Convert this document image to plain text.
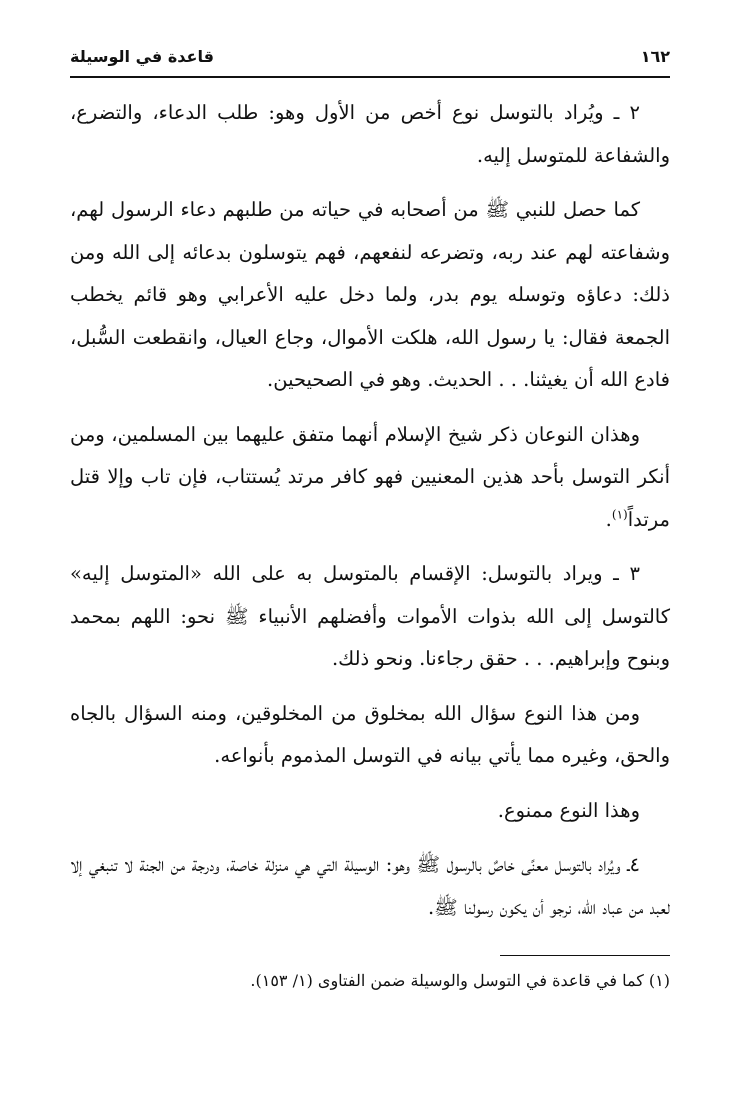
١٦٢
قاعدة في الوسيلة

٢ ـ ويُراد بالتوسل نوع أخص من الأول وهو: طلب الدعاء، والتضرع، والشفاعة للمتوسل إليه.

كما حصل للنبي ﷺ من أصحابه في حياته من طلبهم دعاء الرسول لهم، وشفاعته لهم عند ربه، وتضرعه لنفعهم، فهم يتوسلون بدعائه إلى الله ومن ذلك: دعاؤه وتوسله يوم بدر، ولما دخل عليه الأعرابي وهو قائم يخطب الجمعة فقال: يا رسول الله، هلكت الأموال، وجاع العيال، وانقطعت السُّبل، فادع الله أن يغيثنا. . . الحديث. وهو في الصحيحين.

وهذان النوعان ذكر شيخ الإسلام أنهما متفق عليهما بين المسلمين، ومن أنكر التوسل بأحد هذين المعنيين فهو كافر مرتد يُستتاب، فإن تاب وإلا قتل مرتداً$^{(١)}$.

٣ ـ ويراد بالتوسل: الإقسام بالمتوسل به على الله «المتوسل إليه» كالتوسل إلى الله بذوات الأموات وأفضلهم الأنبياء ﷺ نحو: اللهم بمحمد وبنوح وإبراهيم. . . حقق رجاءنا. ونحو ذلك.

ومن هذا النوع سؤال الله بمخلوق من المخلوقين، ومنه السؤال بالجاه والحق، وغيره مما يأتي بيانه في التوسل المذموم بأنواعه.

وهذا النوع ممنوع.

٤ـ ويُراد بالتوسل معنًى خاصٌ بالرسول ﷺ وهو: الوسيلة التي هي منزلة خاصة، ودرجة من الجنة لا تنبغي إلا لعبد من عباد الله، نرجو أن يكون رسولنا ﷺ.

(١) كما في قاعدة في التوسل والوسيلة ضمن الفتاوى (١/ ١٥٣).
